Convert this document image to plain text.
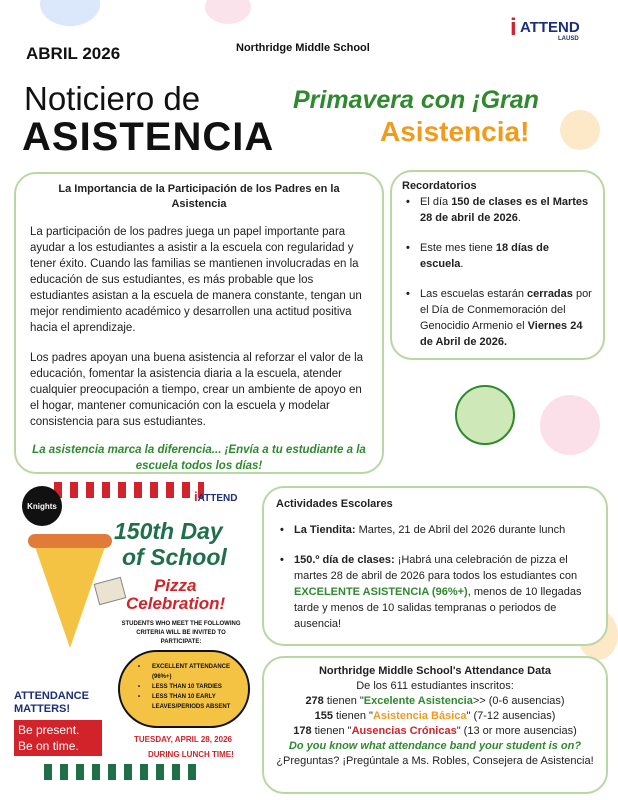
ABRIL 2026	Northridge Middle School
Noticiero de
ASISTENCIA
Primavera con ¡Gran
Asistencia!
i ATTEND
LAUSD
La Importancia de la Participación de los Padres en la Asistencia

La participación de los padres juega un papel importante para ayudar a los estudiantes a asistir a la escuela con regularidad y tener éxito. Cuando las familias se mantienen involucradas en la educación de sus estudiantes, es más probable que los estudiantes asistan a la escuela de manera constante, tengan un mejor rendimiento académico y desarrollen una actitud positiva hacia el aprendizaje.

Los padres apoyan una buena asistencia al reforzar el valor de la educación, fomentar la asistencia diaria a la escuela, atender cualquier preocupación a tiempo, crear un ambiente de apoyo en el hogar, mantener comunicación con la escuela y modelar consistencia para sus estudiantes.

La asistencia marca la diferencia... ¡Envía a tu estudiante a la escuela todos los días!

Recordatorios
• El día 150 de clases es el Martes 28 de abril de 2026.
• Este mes tiene 18 días de escuela.
• Las escuelas estarán cerradas por el Día de Conmemoración del Genocidio Armenio el Viernes 24 de Abril de 2026.
Knights
iATTEND
150th Day
of School
Pizza
Celebration!
STUDENTS WHO MEET THE FOLLOWING CRITERIA WILL BE INVITED TO PARTICIPATE:
• EXCELLENT ATTENDANCE (96%+)
• LESS THAN 10 TARDIES
• LESS THAN 10 EARLY LEAVES/PERIODS ABSENT
ATTENDANCE
MATTERS!
Be present.
Be on time.	TUESDAY, APRIL 28, 2026
DURING LUNCH TIME!
Actividades Escolares
• La Tiendita: Martes, 21 de Abril del 2026 durante lunch
• 150.º día de clases: ¡Habrá una celebración de pizza el martes 28 de abril de 2026 para todos los estudiantes con EXCELENTE ASISTENCIA (96%+), menos de 10 llegadas tarde y menos de 10 salidas tempranas o periodos de ausencia!
Northridge Middle School's Attendance Data
De los 611 estudiantes inscritos:
278 tienen "Excelente Asistencia>> (0-6 ausencias)
155 tienen "Asistencia Básica" (7-12 ausencias)
178 tienen "Ausencias Crónicas" (13 or more ausencias)
Do you know what attendance band your student is on?
¿Preguntas? ¡Pregúntale a Ms. Robles, Consejera de Asistencia!
